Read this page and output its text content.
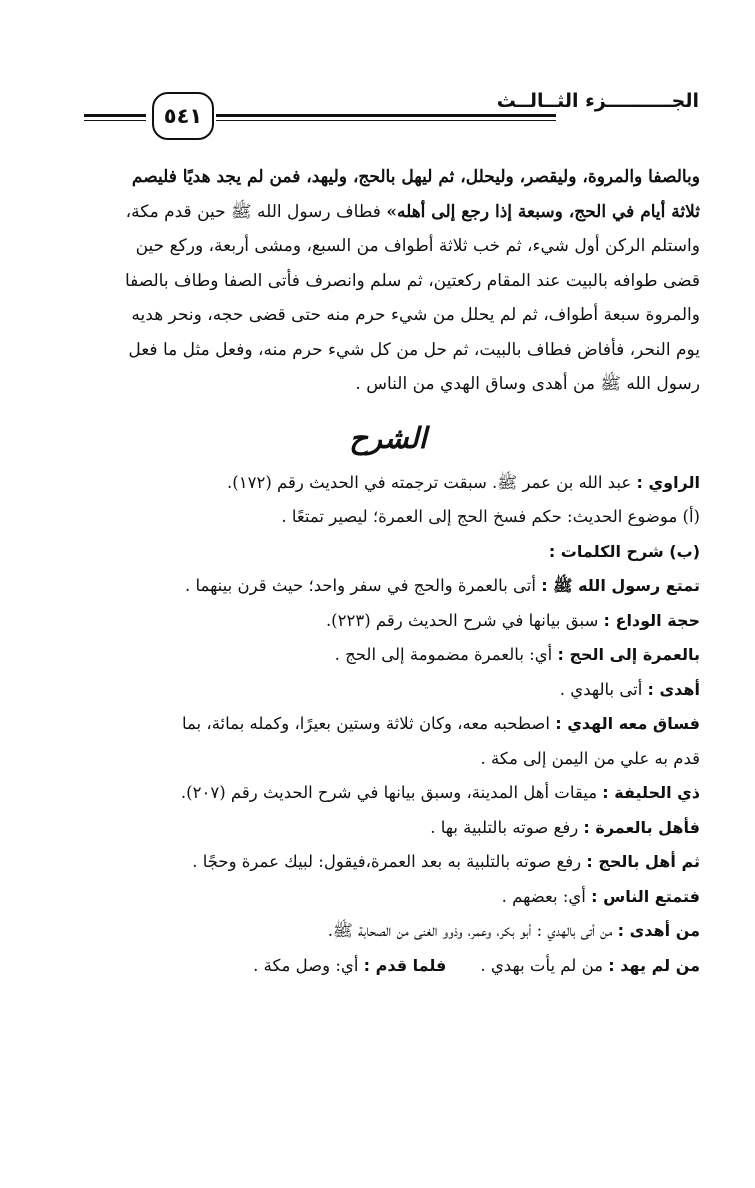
٥٤١
الجــــــــــزء الثــالــث
وبالصفا والمروة، وليقصر، وليحلل، ثم ليهل بالحج، وليهد، فمن لم يجد هديًا فليصم
ثلاثة أيام في الحج، وسبعة إذا رجع إلى أهله» فطاف رسول الله ﷺ حين قدم مكة،
واستلم الركن أول شيء، ثم خب ثلاثة أطواف من السبع، ومشى أربعة، وركع حين
قضى طوافه بالبيت عند المقام ركعتين، ثم سلم وانصرف فأتى الصفا وطاف بالصفا
والمروة سبعة أطواف، ثم لم يحلل من شيء حرم منه حتى قضى حجه، ونحر هديه
يوم النحر، فأفاض فطاف بالبيت، ثم حل من كل شيء حرم منه، وفعل مثل ما فعل
رسول الله ﷺ من أهدى وساق الهدي من الناس .
الشرح
الراوي : عبد الله بن عمر ﷺ. سبقت ترجمته في الحديث رقم (١٧٢).
(أ) موضوع الحديث: حكم فسخ الحج إلى العمرة؛ ليصير تمتعًا .
(ب) شرح الكلمات :
تمتع رسول الله ﷺ : أتى بالعمرة والحج في سفر واحد؛ حيث قرن بينهما .
حجة الوداع : سبق بيانها في شرح الحديث رقم (٢٢٣).
بالعمرة إلى الحج : أي: بالعمرة مضمومة إلى الحج .
أهدى : أتى بالهدي .
فساق معه الهدي : اصطحبه معه، وكان ثلاثة وستين بعيرًا، وكمله بمائة، بما
قدم به علي من اليمن إلى مكة .
ذي الحليفة : ميقات أهل المدينة، وسبق بيانها في شرح الحديث رقم (٢٠٧).
فأهل بالعمرة : رفع صوته بالتلبية بها .
ثم أهل بالحج : رفع صوته بالتلبية به بعد العمرة،فيقول: لبيك عمرة وحجًا .
فتمتع الناس : أي: بعضهم .
من أهدى : من أتى بالهدي : أبو بكر، وعمر، وذوو الغنى من الصحابة ﷺ.
من لم يهد : من لم يأت بهدي .فلما قدم : أي: وصل مكة .
